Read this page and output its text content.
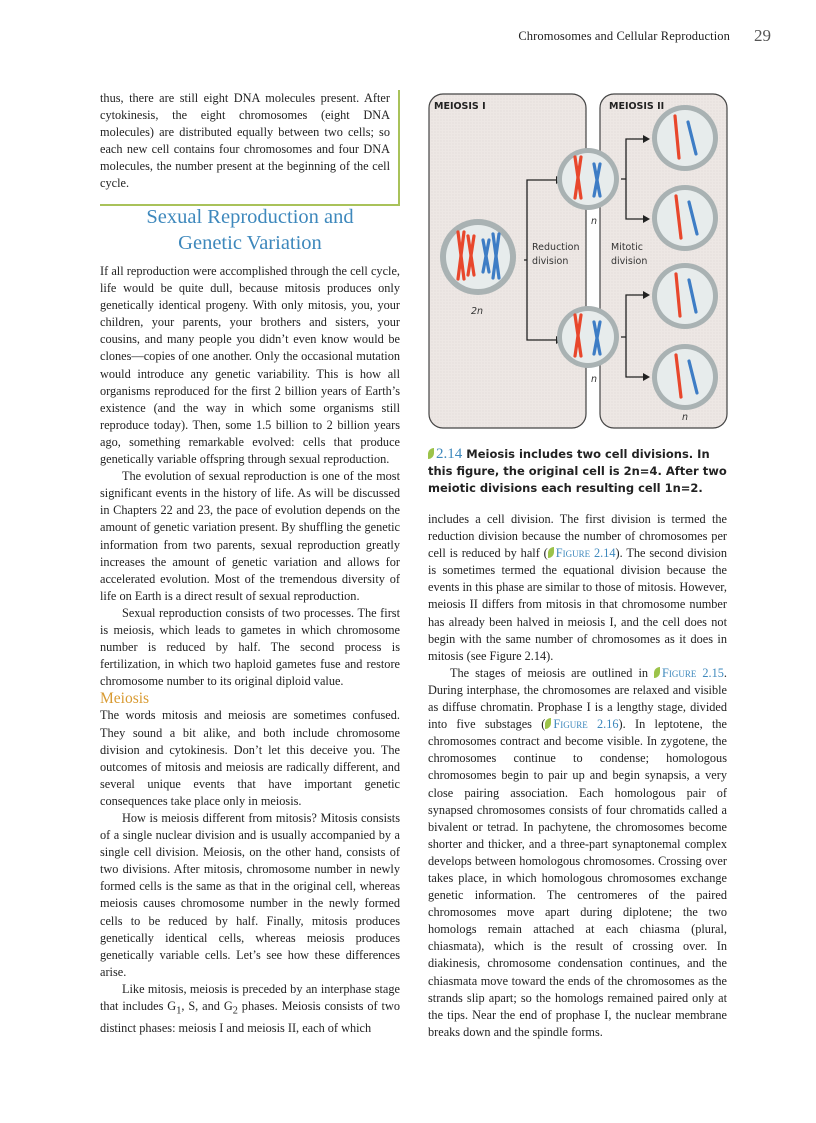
Chromosomes and Cellular Reproduction 29

thus, there are still eight DNA molecules present. After cytokinesis, the eight chromosomes (eight DNA molecules) are distributed equally between two cells; so each new cell contains four chromosomes and four DNA molecules, the number present at the beginning of the cell cycle.

Sexual Reproduction and
Genetic Variation

If all reproduction were accomplished through the cell cycle, life would be quite dull, because mitosis produces only genetically identical progeny. With only mitosis, you, your children, your parents, your brothers and sisters, your cousins, and many people you didn’t even know would be clones—copies of one another. Only the occasional mutation would introduce any genetic variability. This is how all organisms reproduced for the first 2 billion years of Earth’s existence (and the way in which some organisms still reproduce today). Then, some 1.5 billion to 2 billion years ago, something remarkable evolved: cells that produce genetically variable offspring through sexual reproduction.

The evolution of sexual reproduction is one of the most significant events in the history of life. As will be discussed in Chapters 22 and 23, the pace of evolution depends on the amount of genetic variation present. By shuffling the genetic information from two parents, sexual reproduction greatly increases the amount of genetic variation and allows for accelerated evolution. Most of the tremendous diversity of life on Earth is a direct result of sexual reproduction.

Sexual reproduction consists of two processes. The first is meiosis, which leads to gametes in which chromosome number is reduced by half. The second process is fertilization, in which two haploid gametes fuse and restore chromosome number to its original diploid value.

Meiosis

The words mitosis and meiosis are sometimes confused. They sound a bit alike, and both include chromosome division and cytokinesis. Don’t let this deceive you. The outcomes of mitosis and meiosis are radically different, and several unique events that have important genetic consequences take place only in meiosis.

How is meiosis different from mitosis? Mitosis consists of a single nuclear division and is usually accompanied by a single cell division. Meiosis, on the other hand, consists of two divisions. After mitosis, chromosome number in newly formed cells is the same as that in the original cell, whereas meiosis causes chromosome number in the newly formed cells to be reduced by half. Finally, mitosis produces genetically identical cells, whereas meiosis produces genetically variable cells. Let’s see how these differences arise.

Like mitosis, meiosis is preceded by an interphase stage that includes $G_1$, S, and $G_2$ phases. Meiosis consists of two distinct phases: meiosis I and meiosis II, each of which

MEIOSIS I	MEIOSIS II
2n
Reduction
division
n
n
Mitotic
division
n
2.14 Meiosis includes two cell divisions. In this figure, the original cell is 2n=4. After two meiotic divisions each resulting cell 1n=2.

includes a cell division. The first division is termed the reduction division because the number of chromosomes per cell is reduced by half ( Figure 2.14). The second division is sometimes termed the equational division because the events in this phase are similar to those of mitosis. However, meiosis II differs from mitosis in that chromosome number has already been halved in meiosis I, and the cell does not begin with the same number of chromosomes as it does in mitosis (see Figure 2.14).

The stages of meiosis are outlined in Figure 2.15. During interphase, the chromosomes are relaxed and visible as diffuse chromatin. Prophase I is a lengthy stage, divided into five substages ( Figure 2.16). In leptotene, the chromosomes contract and become visible. In zygotene, the chromosomes continue to condense; homologous chromosomes begin to pair up and begin synapsis, a very close pairing association. Each homologous pair of synapsed chromosomes consists of four chromatids called a bivalent or tetrad. In pachytene, the chromosomes become shorter and thicker, and a three-part synaptonemal complex develops between homologous chromosomes. Crossing over takes place, in which homologous chromosomes exchange genetic information. The centromeres of the paired chromosomes move apart during diplotene; the two homologs remain attached at each chiasma (plural, chiasmata), which is the result of crossing over. In diakinesis, chromosome condensation continues, and the chiasmata move toward the ends of the chromosomes as the strands slip apart; so the homologs remained paired only at the tips. Near the end of prophase I, the nuclear membrane breaks down and the spindle forms.
